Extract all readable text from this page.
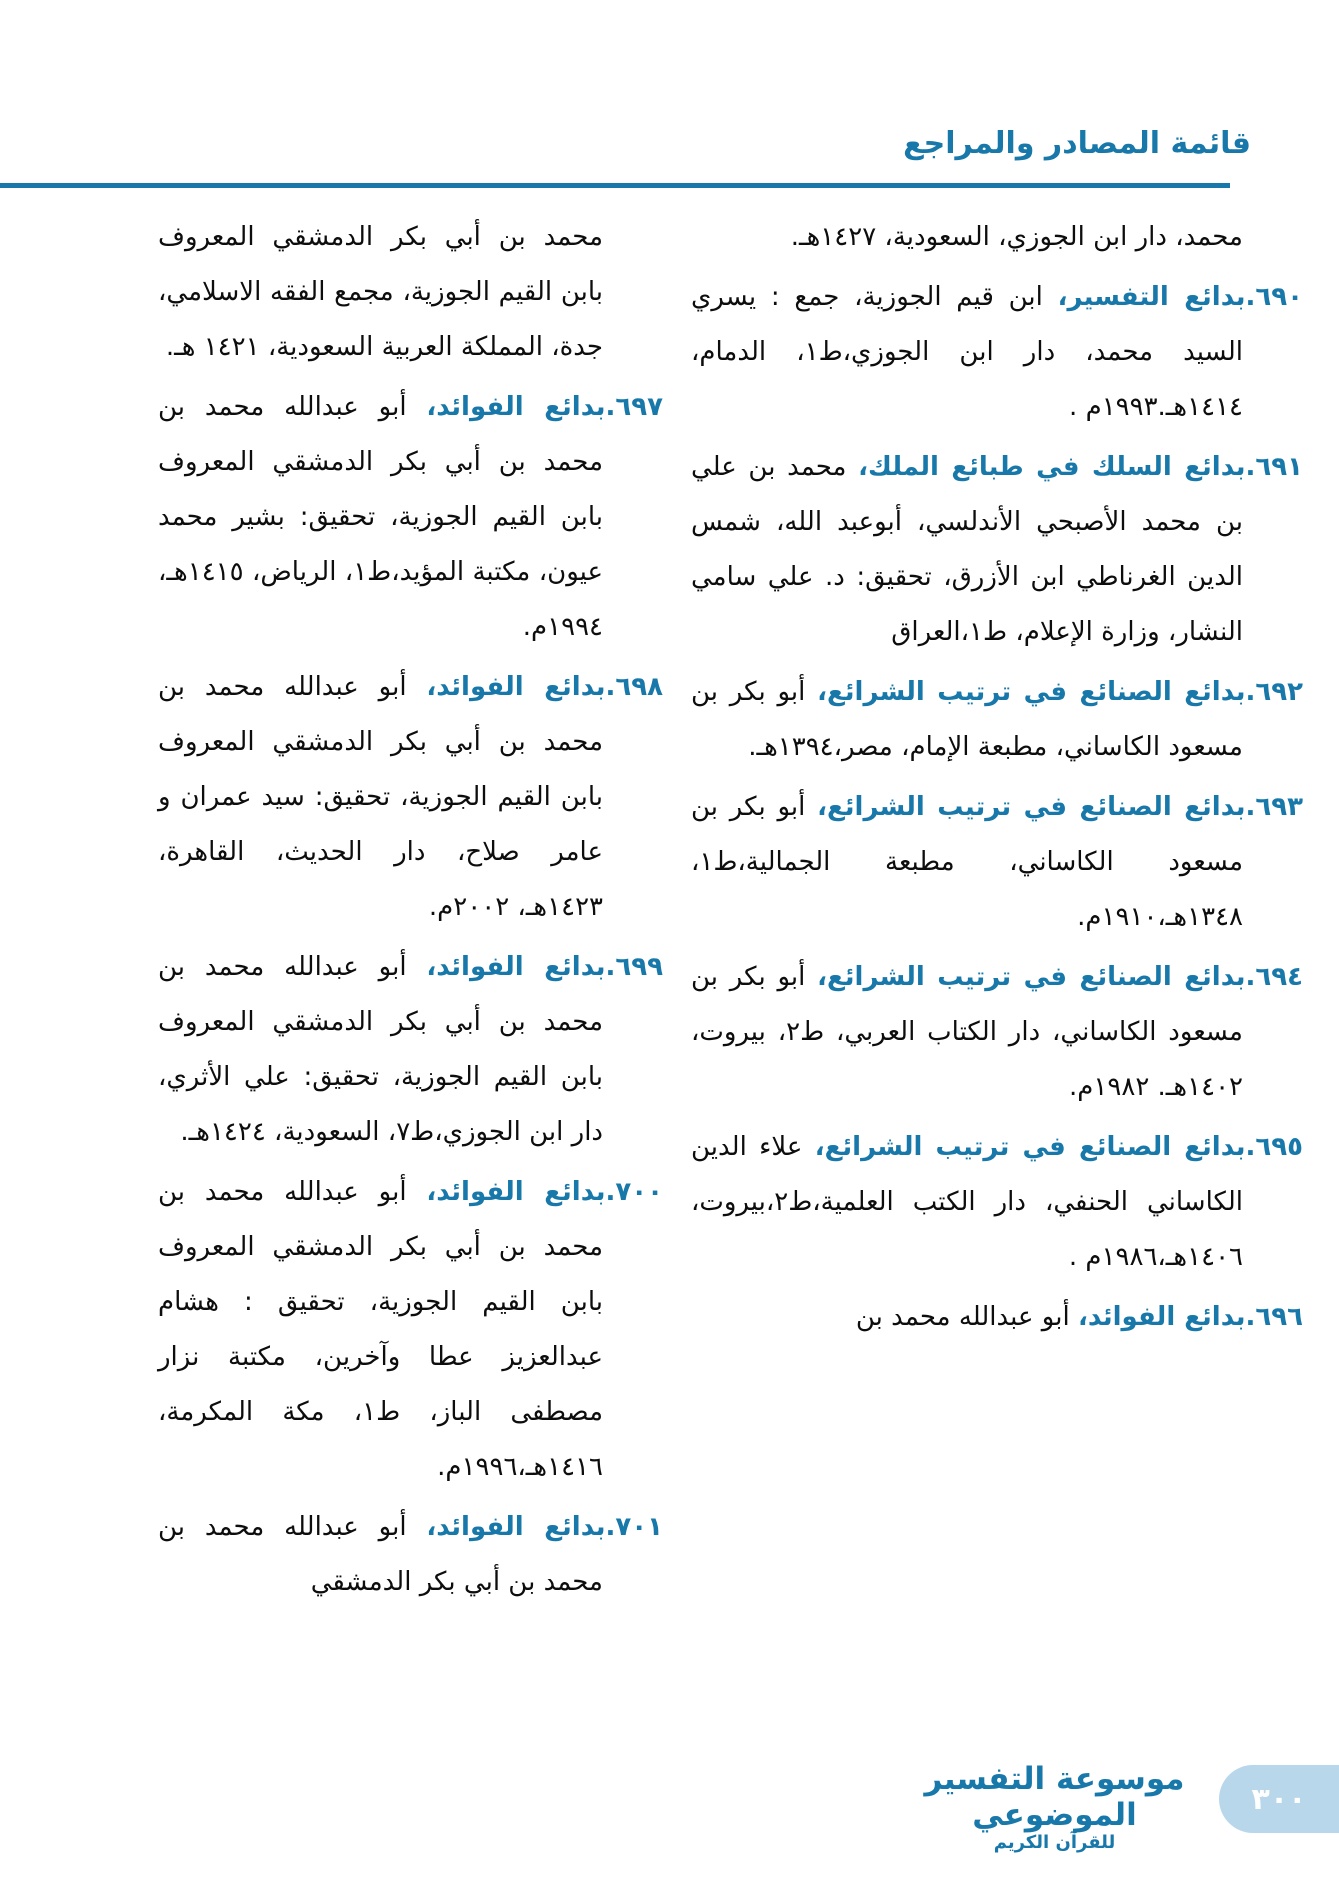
قائمة المصادر والمراجع

محمد، دار ابن الجوزي، السعودية، ١٤٢٧هـ.

٦٩٠.بدائع التفسير، ابن قيم الجوزية، جمع : يسري السيد محمد، دار ابن الجوزي،ط١، الدمام، ١٤١٤هـ.١٩٩٣م .

٦٩١.بدائع السلك في طبائع الملك، محمد بن علي بن محمد الأصبحي الأندلسي، أبوعبد الله، شمس الدين الغرناطي ابن الأزرق، تحقيق: د. علي سامي النشار، وزارة الإعلام، ط١،العراق

٦٩٢.بدائع الصنائع في ترتيب الشرائع، أبو بكر بن مسعود الكاساني، مطبعة الإمام، مصر،١٣٩٤هـ.

٦٩٣.بدائع الصنائع في ترتيب الشرائع، أبو بكر بن مسعود الكاساني، مطبعة الجمالية،ط١، ١٣٤٨هـ،١٩١٠م.

٦٩٤.بدائع الصنائع في ترتيب الشرائع، أبو بكر بن مسعود الكاساني، دار الكتاب العربي، ط٢، بيروت، ١٤٠٢هـ. ١٩٨٢م.

٦٩٥.بدائع الصنائع في ترتيب الشرائع، علاء الدين الكاساني الحنفي، دار الكتب العلمية،ط٢،بيروت، ١٤٠٦هـ،١٩٨٦م .

٦٩٦.بدائع الفوائد، أبو عبدالله محمد بن

محمد بن أبي بكر الدمشقي المعروف بابن القيم الجوزية، مجمع الفقه الاسلامي، جدة، المملكة العربية السعودية، ١٤٢١ هـ.

٦٩٧.بدائع الفوائد، أبو عبدالله محمد بن محمد بن أبي بكر الدمشقي المعروف بابن القيم الجوزية، تحقيق: بشير محمد عيون، مكتبة المؤيد،ط١، الرياض، ١٤١٥هـ، ١٩٩٤م.

٦٩٨.بدائع الفوائد، أبو عبدالله محمد بن محمد بن أبي بكر الدمشقي المعروف بابن القيم الجوزية، تحقيق: سيد عمران و عامر صلاح، دار الحديث، القاهرة، ١٤٢٣هـ، ٢٠٠٢م.

٦٩٩.بدائع الفوائد، أبو عبدالله محمد بن محمد بن أبي بكر الدمشقي المعروف بابن القيم الجوزية، تحقيق: علي الأثري، دار ابن الجوزي،ط٧، السعودية، ١٤٢٤هـ.

٧٠٠.بدائع الفوائد، أبو عبدالله محمد بن محمد بن أبي بكر الدمشقي المعروف بابن القيم الجوزية، تحقيق : هشام عبدالعزيز عطا وآخرين، مكتبة نزار مصطفى الباز، ط١، مكة المكرمة، ١٤١٦هـ،١٩٩٦م.

٧٠١.بدائع الفوائد، أبو عبدالله محمد بن محمد بن أبي بكر الدمشقي

موسوعة التفسير الموضوعي
للقرآن الكريم
٣٠٠
